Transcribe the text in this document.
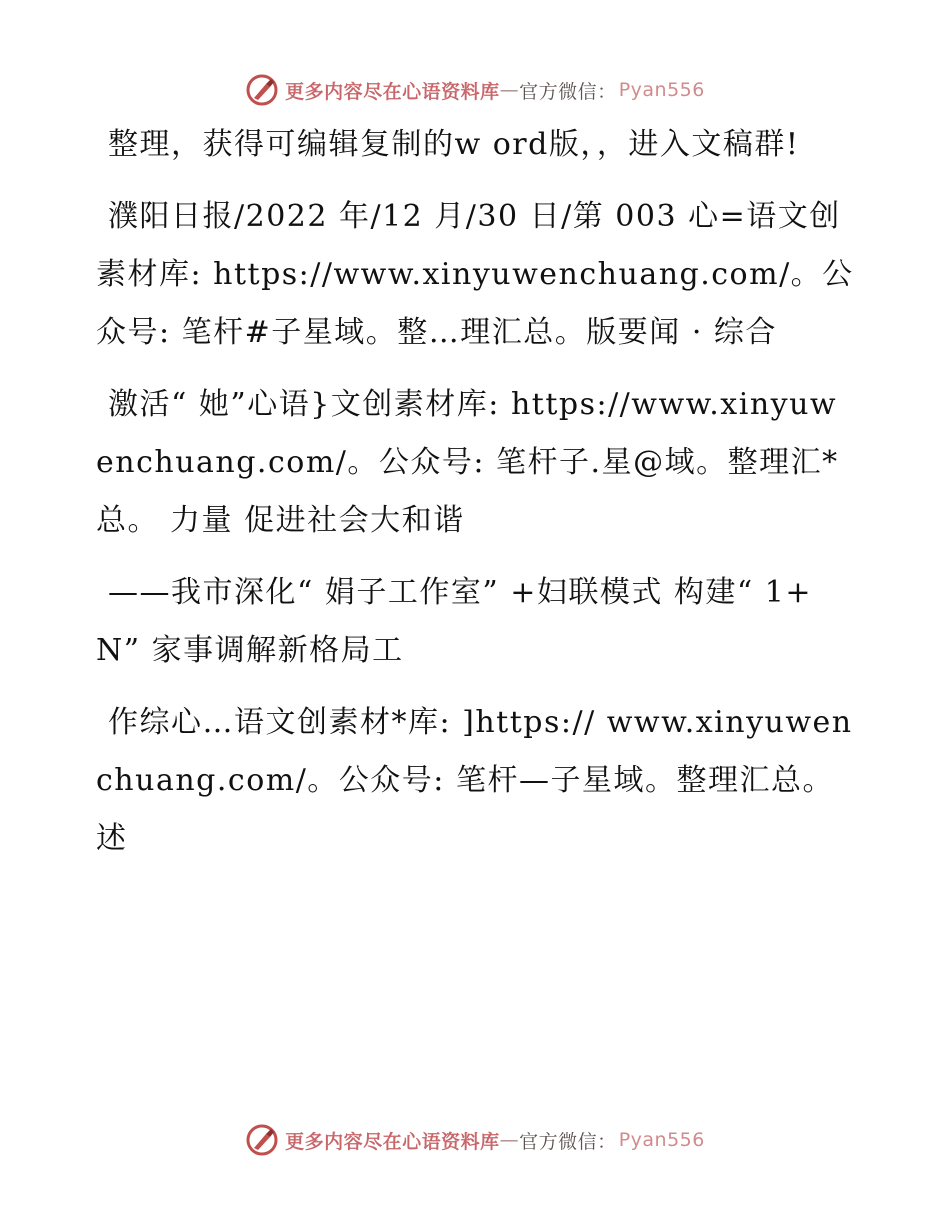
更多内容尽在心语资料库 — 官方微信： Pyan556

整理，获得可编辑复制的w ord版，，进入文稿群!

濮阳日报/2022 年/12 月/30 日/第 003 心=语文创素材库: https://www.xinyuwenchuang.com/。公众号: 笔杆#子星域。整…理汇总。版要闻 · 综合

激活“ 她”心语}文创素材库: https://www.xinyuwenchuang.com/。公众号: 笔杆子.星@域。整理汇*总。 力量 促进社会大和谐

——我市深化“ 娟子工作室” +妇联模式 构建“ 1+N” 家事调解新格局工

作综心…语文创素材*库: ]https:// www.xinyuwenchuang.com/。公众号: 笔杆—子星域。整理汇总。述

更多内容尽在心语资料库 — 官方微信： Pyan556
